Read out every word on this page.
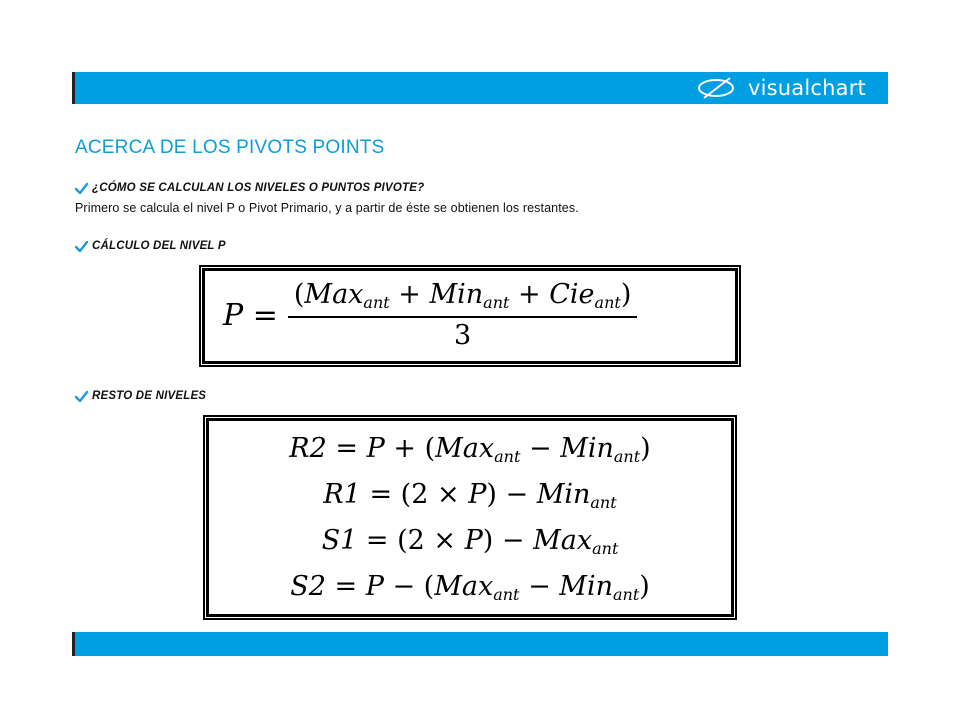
visualchart
ACERCA DE LOS PIVOTS POINTS
¿CÓMO SE CALCULAN LOS NIVELES O PUNTOS PIVOTE?
Primero se calcula el nivel P o Pivot Primario, y a partir de éste se obtienen los restantes.
CÁLCULO DEL NIVEL P
$P = \frac{(Max_{ant} + Min_{ant} + Cie_{ant})}{3}$
RESTO DE NIVELES
R2 = P + (Max$_{ant}$ − Min$_{ant}$)
R1 = (2 × P) − Min$_{ant}$
S1 = (2 × P) − Max$_{ant}$
S2 = P − (Max$_{ant}$ − Min$_{ant}$)
